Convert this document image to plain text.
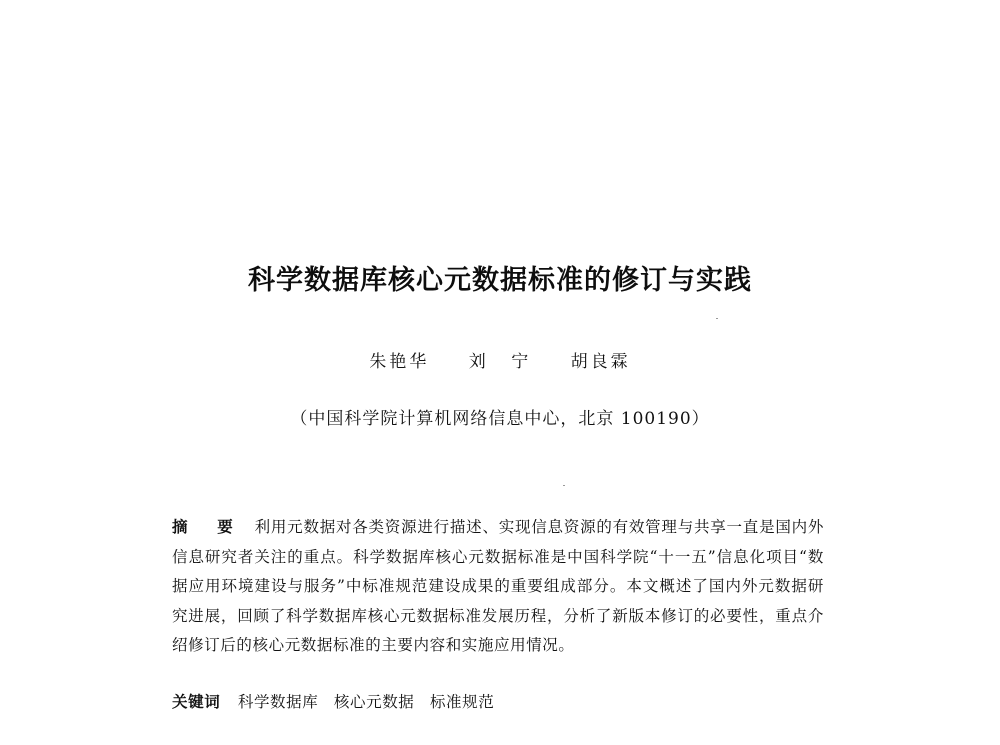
科学数据库核心元数据标准的修订与实践
朱艳华 刘 宁 胡良霖
（中国科学院计算机网络信息中心，北京 100190）
摘 要 利用元数据对各类资源进行描述、实现信息资源的有效管理与共享一直是国内外信息研究者关注的重点。科学数据库核心元数据标准是中国科学院“十一五”信息化项目“数据应用环境建设与服务”中标准规范建设成果的重要组成部分。本文概述了国内外元数据研究进展，回顾了科学数据库核心元数据标准发展历程，分析了新版本修订的必要性，重点介绍修订后的核心元数据标准的主要内容和实施应用情况。
关键词 科学数据库 核心元数据 标准规范
